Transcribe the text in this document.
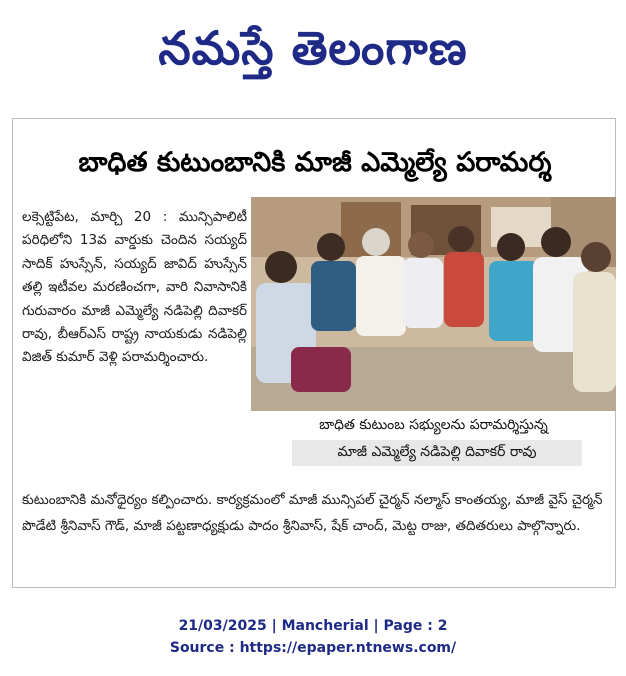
నమస్తే తెలంగాణ
బాధిత కుటుంబానికి మాజీ ఎమ్మెల్యే పరామర్శ
లక్సెట్టిపేట, మార్చి 20 : మున్సిపాలిటీ పరిధిలోని 13వ వార్డుకు చెందిన సయ్యద్ సాదిక్ హుస్సేన్, సయ్యద్ జావిద్ హుస్సేన్ తల్లి ఇటీవల మరణించగా, వారి నివాసానికి గురువారం మాజీ ఎమ్మెల్యే నడిపెల్లి దివాకర్ రావు, బీఆర్ఎస్ రాష్ట్ర నాయకుడు నడిపెల్లి విజిత్ కుమార్ వెళ్లి పరామర్శించారు.
బాధిత కుటుంబ సభ్యులను పరామర్శిస్తున్న
మాజీ ఎమ్మెల్యే నడిపెల్లి దివాకర్ రావు
కుటుంబానికి మనోధైర్యం కల్పించారు. కార్యక్రమంలో మాజీ మున్సిపల్ చైర్మన్ నల్మాస్ కాంతయ్య, మాజీ వైస్ చైర్మన్ పొడేటి శ్రీనివాస్ గౌడ్, మాజీ పట్టణాధ్యక్షుడు పాదం శ్రీనివాస్, షేక్ చాంద్, మెట్ట రాజు, తదితరులు పాల్గొన్నారు.
21/03/2025 | Mancherial | Page : 2
Source : https://epaper.ntnews.com/
